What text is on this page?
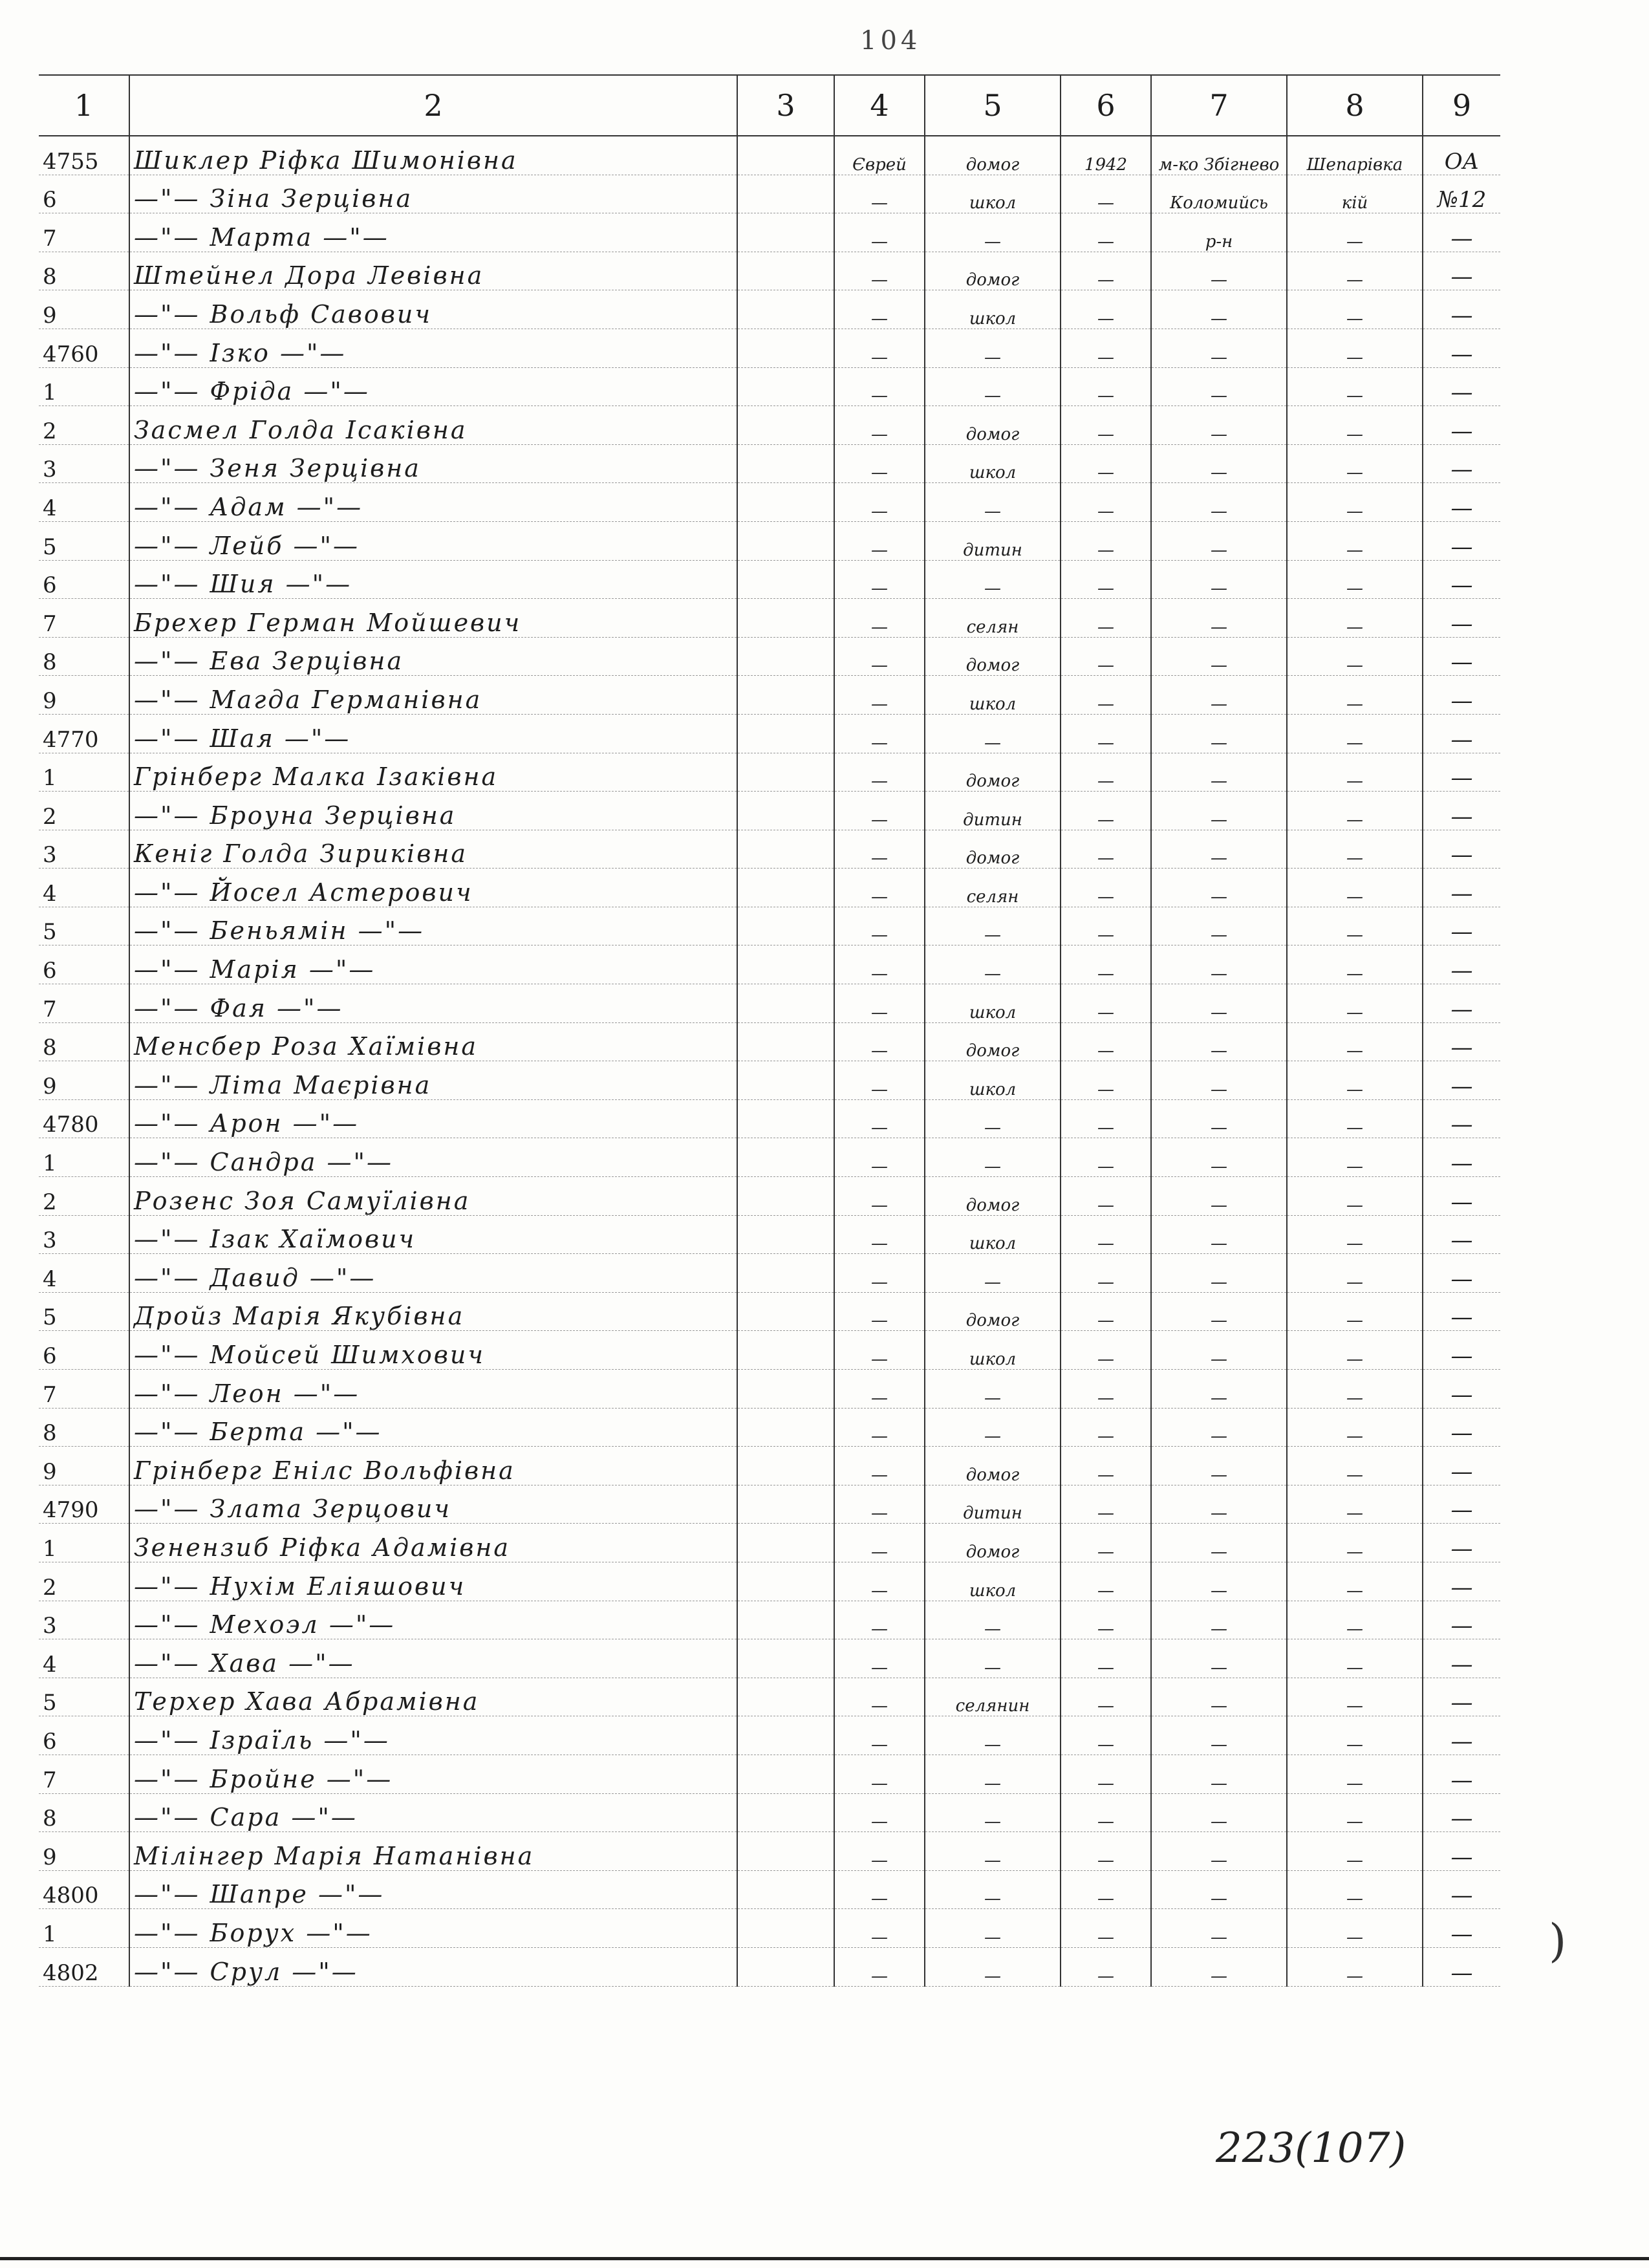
104
1	2	3	4	5	6	7	8	9
4755	Шиклер Рiфка Шимонiвна		Єврей	домог	1942	м-ко Збiгнево	Шепарiвка	ОА
6	—"— Зiна Зерцiвна		—	школ	—	Коломийсь	кiй	№12
7	—"— Марта —"—		—	—	—	р-н	—	—
8	Штейнел Дора Левiвна		—	домог	—	—	—	—
9	—"— Вольф Савович		—	школ	—	—	—	—
4760	—"— Ізко —"—		—	—	—	—	—	—
1	—"— Фрiда —"—		—	—	—	—	—	—
2	Засмел Голда Ісакiвна		—	домог	—	—	—	—
3	—"— Зеня Зерцiвна		—	школ	—	—	—	—
4	—"— Адам —"—		—	—	—	—	—	—
5	—"— Лейб —"—		—	дитин	—	—	—	—
6	—"— Шия —"—		—	—	—	—	—	—
7	Брехер Герман Мойшевич		—	селян	—	—	—	—
8	—"— Ева Зерцiвна		—	домог	—	—	—	—
9	—"— Магда Германiвна		—	школ	—	—	—	—
4770	—"— Шая —"—		—	—	—	—	—	—
1	Грiнберг Малка Ізакiвна		—	домог	—	—	—	—
2	—"— Броуна Зерцiвна		—	дитин	—	—	—	—
3	Кенiг Голда Зирикiвна		—	домог	—	—	—	—
4	—"— Йосел Астерович		—	селян	—	—	—	—
5	—"— Беньямiн —"—		—	—	—	—	—	—
6	—"— Марiя —"—		—	—	—	—	—	—
7	—"— Фая —"—		—	школ	—	—	—	—
8	Менсбер Роза Хаїмiвна		—	домог	—	—	—	—
9	—"— Лiта Маєрiвна		—	школ	—	—	—	—
4780	—"— Арон —"—		—	—	—	—	—	—
1	—"— Сандра —"—		—	—	—	—	—	—
2	Розенс Зоя Самуїлiвна		—	домог	—	—	—	—
3	—"— Ізак Хаїмович		—	школ	—	—	—	—
4	—"— Давид —"—		—	—	—	—	—	—
5	Дройз Марiя Якубiвна		—	домог	—	—	—	—
6	—"— Мойсей Шимхович		—	школ	—	—	—	—
7	—"— Леон —"—		—	—	—	—	—	—
8	—"— Берта —"—		—	—	—	—	—	—
9	Грiнберг Енiлс Вольфiвна		—	домог	—	—	—	—
4790	—"— Злата Зерцович		—	дитин	—	—	—	—
1	Зенензиб Рiфка Адамiвна		—	домог	—	—	—	—
2	—"— Нухiм Елiяшович		—	школ	—	—	—	—
3	—"— Мехоэл —"—		—	—	—	—	—	—
4	—"— Хава —"—		—	—	—	—	—	—
5	Терхер Хава Абрамiвна		—	селянин	—	—	—	—
6	—"— Ізраїль —"—		—	—	—	—	—	—
7	—"— Бройне —"—		—	—	—	—	—	—
8	—"— Сара —"—		—	—	—	—	—	—
9	Мiлiнгер Марiя Натанiвна		—	—	—	—	—	—
4800	—"— Шапре —"—		—	—	—	—	—	—
1	—"— Борух —"—		—	—	—	—	—	—
4802	—"— Срул —"—		—	—	—	—	—	—
)
223(107)
